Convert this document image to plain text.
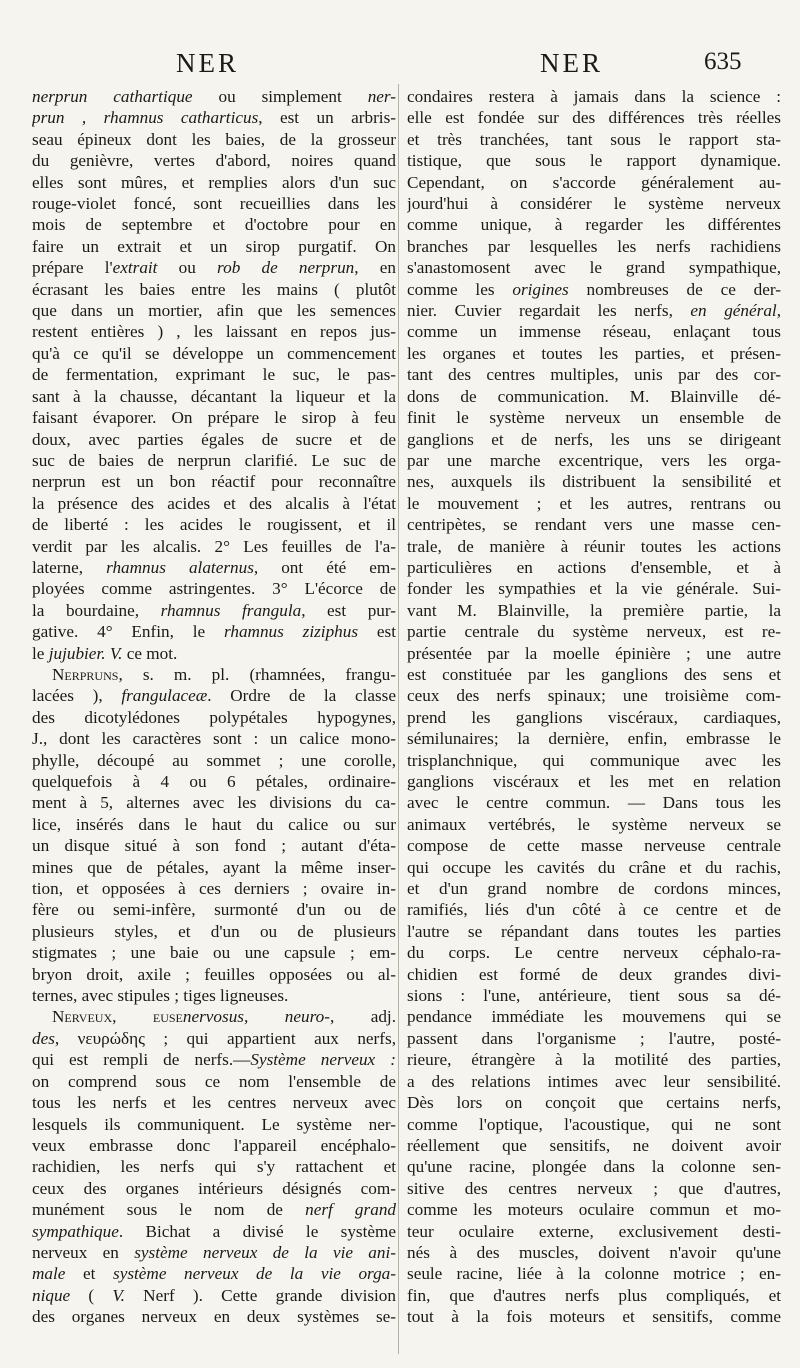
NER	NER	635
nerprun cathartique ou simplement ner-
prun , rhamnus catharticus, est un arbris-
seau épineux dont les baies, de la grosseur
du genièvre, vertes d'abord, noires quand
elles sont mûres, et remplies alors d'un suc
rouge-violet foncé, sont recueillies dans les
mois de septembre et d'octobre pour en
faire un extrait et un sirop purgatif. On
prépare l'extrait ou rob de nerprun, en
écrasant les baies entre les mains ( plutôt
que dans un mortier, afin que les semences
restent entières ) , les laissant en repos jus-
qu'à ce qu'il se développe un commencement
de fermentation, exprimant le suc, le pas-
sant à la chausse, décantant la liqueur et la
faisant évaporer. On prépare le sirop à feu
doux, avec parties égales de sucre et de
suc de baies de nerprun clarifié. Le suc de
nerprun est un bon réactif pour reconnaître
la présence des acides et des alcalis à l'état
de liberté : les acides le rougissent, et il
verdit par les alcalis. 2° Les feuilles de l'a-
laterne, rhamnus alaternus, ont été em-
ployées comme astringentes. 3° L'écorce de
la bourdaine, rhamnus frangula, est pur-
gative. 4° Enfin, le rhamnus ziziphus est
le jujubier. V. ce mot.
Nerpruns, s. m. pl. (rhamnées, frangu-
lacées ), frangulaceæ. Ordre de la classe
des dicotylédones polypétales hypogynes,
J., dont les caractères sont : un calice mono-
phylle, découpé au sommet ; une corolle,
quelquefois à 4 ou 6 pétales, ordinaire-
ment à 5, alternes avec les divisions du ca-
lice, insérés dans le haut du calice ou sur
un disque situé à son fond ; autant d'éta-
mines que de pétales, ayant la même inser-
tion, et opposées à ces derniers ; ovaire in-
fère ou semi-infère, surmonté d'un ou de
plusieurs styles, et d'un ou de plusieurs
stigmates ; une baie ou une capsule ; em-
bryon droit, axile ; feuilles opposées ou al-
ternes, avec stipules ; tiges ligneuses.
Nerveux, eusenervosus, neuro-, adj.
des, νευρώδης ; qui appartient aux nerfs,
qui est rempli de nerfs.—Système nerveux :
on comprend sous ce nom l'ensemble de
tous les nerfs et les centres nerveux avec
lesquels ils communiquent. Le système ner-
veux embrasse donc l'appareil encéphalo-
rachidien, les nerfs qui s'y rattachent et
ceux des organes intérieurs désignés com-
munément sous le nom de nerf grand
sympathique. Bichat a divisé le système
nerveux en système nerveux de la vie ani-
male et système nerveux de la vie orga-
nique ( V. Nerf ). Cette grande division
des organes nerveux en deux systèmes se-
condaires restera à jamais dans la science :
elle est fondée sur des différences très réelles
et très tranchées, tant sous le rapport sta-
tistique, que sous le rapport dynamique.
Cependant, on s'accorde généralement au-
jourd'hui à considérer le système nerveux
comme unique, à regarder les différentes
branches par lesquelles les nerfs rachidiens
s'anastomosent avec le grand sympathique,
comme les origines nombreuses de ce der-
nier. Cuvier regardait les nerfs, en général,
comme un immense réseau, enlaçant tous
les organes et toutes les parties, et présen-
tant des centres multiples, unis par des cor-
dons de communication. M. Blainville dé-
finit le système nerveux un ensemble de
ganglions et de nerfs, les uns se dirigeant
par une marche excentrique, vers les orga-
nes, auxquels ils distribuent la sensibilité et
le mouvement ; et les autres, rentrans ou
centripètes, se rendant vers une masse cen-
trale, de manière à réunir toutes les actions
particulières en actions d'ensemble, et à
fonder les sympathies et la vie générale. Sui-
vant M. Blainville, la première partie, la
partie centrale du système nerveux, est re-
présentée par la moelle épinière ; une autre
est constituée par les ganglions des sens et
ceux des nerfs spinaux; une troisième com-
prend les ganglions viscéraux, cardiaques,
sémilunaires; la dernière, enfin, embrasse le
trisplanchnique, qui communique avec les
ganglions viscéraux et les met en relation
avec le centre commun. — Dans tous les
animaux vertébrés, le système nerveux se
compose de cette masse nerveuse centrale
qui occupe les cavités du crâne et du rachis,
et d'un grand nombre de cordons minces,
ramifiés, liés d'un côté à ce centre et de
l'autre se répandant dans toutes les parties
du corps. Le centre nerveux céphalo-ra-
chidien est formé de deux grandes divi-
sions : l'une, antérieure, tient sous sa dé-
pendance immédiate les mouvemens qui se
passent dans l'organisme ; l'autre, posté-
rieure, étrangère à la motilité des parties,
a des relations intimes avec leur sensibilité.
Dès lors on conçoit que certains nerfs,
comme l'optique, l'acoustique, qui ne sont
réellement que sensitifs, ne doivent avoir
qu'une racine, plongée dans la colonne sen-
sitive des centres nerveux ; que d'autres,
comme les moteurs oculaire commun et mo-
teur oculaire externe, exclusivement desti-
nés à des muscles, doivent n'avoir qu'une
seule racine, liée à la colonne motrice ; en-
fin, que d'autres nerfs plus compliqués, et
tout à la fois moteurs et sensitifs, comme
